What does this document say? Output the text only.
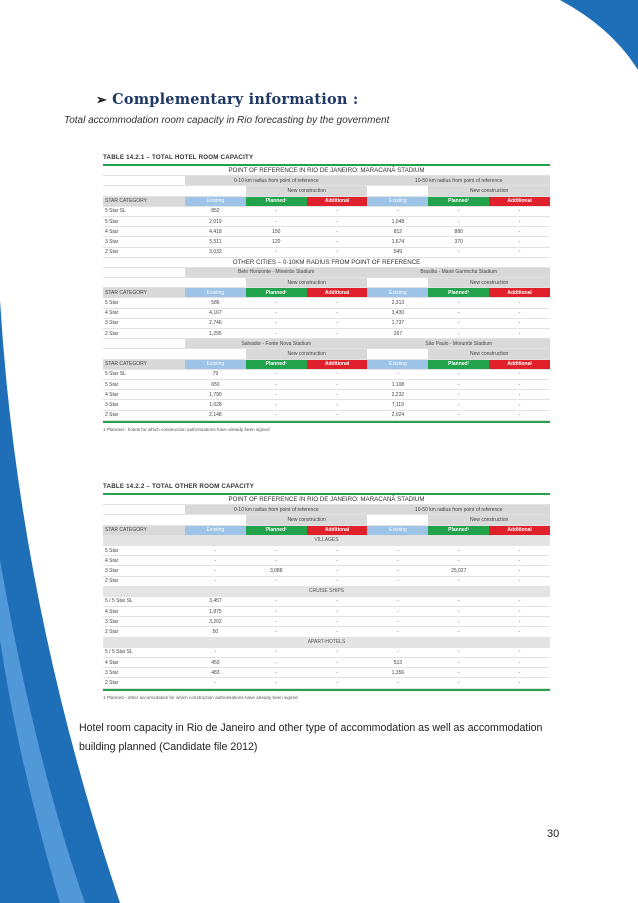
➢ Complementary information :
Total accommodation room capacity in Rio forecasting by the government
TABLE 14.2.1 – TOTAL HOTEL ROOM CAPACITY
POINT OF REFERENCE IN RIO DE JANEIRO: MARACANÃ STADIUM						
	0-10 km radius from point of reference			10-50 km radius from point of reference		
		New construction			New construction	
STAR CATEGORY	Existing	Planned¹	Additional	Existing	Planned¹	Additional
5 Star SL	852	-	-	-	-	-
5 Star	2,019	-	-	1,048	-	-
4 Star	4,418	150	-	812	880	-
3 Star	5,511	120	-	1,674	370	-
2 Star	3,032	-	-	549	-	-
OTHER CITIES – 0-10KM RADIUS FROM POINT OF REFERENCE						
	Belo Horizonte - Mineirão Stadium			Brasília - Mané Garrincha Stadium		
		New construction			New construction	
STAR CATEGORY	Existing	Planned¹	Additional	Existing	Planned¹	Additional
5 Star	586	-	-	2,313	-	-
4 Star	4,167	-	-	3,430	-	-
3 Star	2,746	-	-	1,737	-	-
2 Star	1,295	-	-	267	-	-
	Salvador - Fonte Nova Stadium			São Paulo - Morumbi Stadium		
		New construction			New construction	
STAR CATEGORY	Existing	Planned¹	Additional	Existing	Planned¹	Additional
5 Star SL	79	-	-	-	-	-
5 Star	650	-	-	1,108	-	-
4 Star	1,790	-	-	2,232	-	-
3 Star	1,028	-	-	7,119	-	-
2 Star	2,148	-	-	2,024	-	-
1 Planned - hotels for which construction authorisations have already been signed
TABLE 14.2.2 – TOTAL OTHER ROOM CAPACITY
POINT OF REFERENCE IN RIO DE JANEIRO: MARACANÃ STADIUM						
	0-10 km radius from point of reference			10-50 km radius from point of reference		
		New construction			New construction	
STAR CATEGORY	Existing	Planned¹	Additional	Existing	Planned¹	Additional
VILLAGES						
5 Star	-	-	-	-	-	-
4 Star	-	-	-	-	-	-
3 Star	-	3,088	-	-	25,027	-
2 Star	-	-	-	-	-	-
CRUISE SHIPS						
5 / 5 Star SL	3,457	-	-	-	-	-
4 Star	1,875	-	-	-	-	-
3 Star	3,202	-	-	-	-	-
2 Star	50	-	-	-	-	-
APART-HOTELS						
5 / 5 Star SL	-	-	-	-	-	-
4 Star	450	-	-	513	-	-
3 Star	483	-	-	1,356	-	-
2 Star	-	-	-	-	-	-
1 Planned - other accomodation for which construction authorisations have already been signed
Hotel room capacity in Rio de Janeiro and other type of accommodation as well as accommodation building planned (Candidate file 2012)
30
